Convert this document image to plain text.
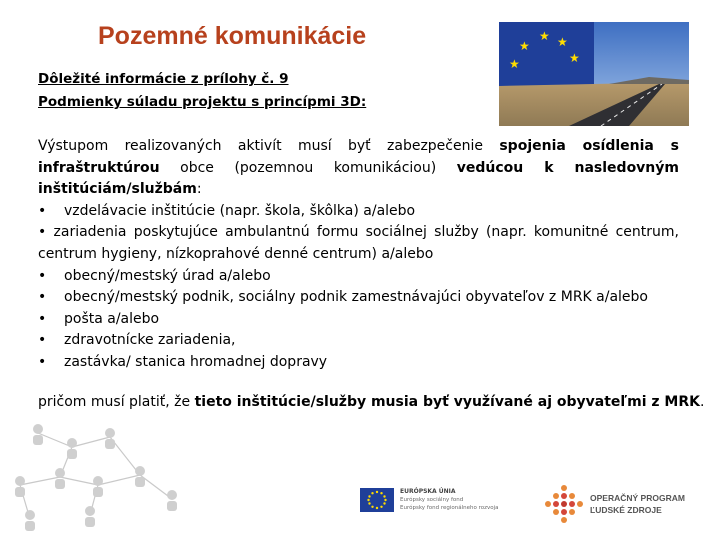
Pozemné komunikácie	★ ★
★
★
★
Dôležité informácie z prílohy č. 9
Podmienky súladu projektu s princípmi 3D:
Výstupom realizovaných aktivít musí byť zabezpečenie spojenia osídlenia s infraštruktúrou obce (pozemnou komunikáciou) vedúcou k nasledovným inštitúciám/službám:
• vzdelávacie inštitúcie (napr. škola, škôlka) a/alebo
• zariadenia poskytujúce ambulantnú formu sociálnej služby (napr. komunitné centrum, centrum hygieny, nízkoprahové denné centrum) a/alebo
• obecný/mestský úrad a/alebo
• obecný/mestský podnik, sociálny podnik zamestnávajúci obyvateľov z MRK a/alebo
• pošta a/alebo
• zdravotnícke zariadenia,
• zastávka/ stanica hromadnej dopravy
pričom musí platiť, že tieto inštitúcie/služby musia byť využívané aj obyvateľmi z MRK.
EURÓPSKA ÚNIA
Európsky sociálny fond
Európsky fond regionálneho rozvoja
OPERAČNÝ PROGRAM
ĽUDSKÉ ZDROJE
